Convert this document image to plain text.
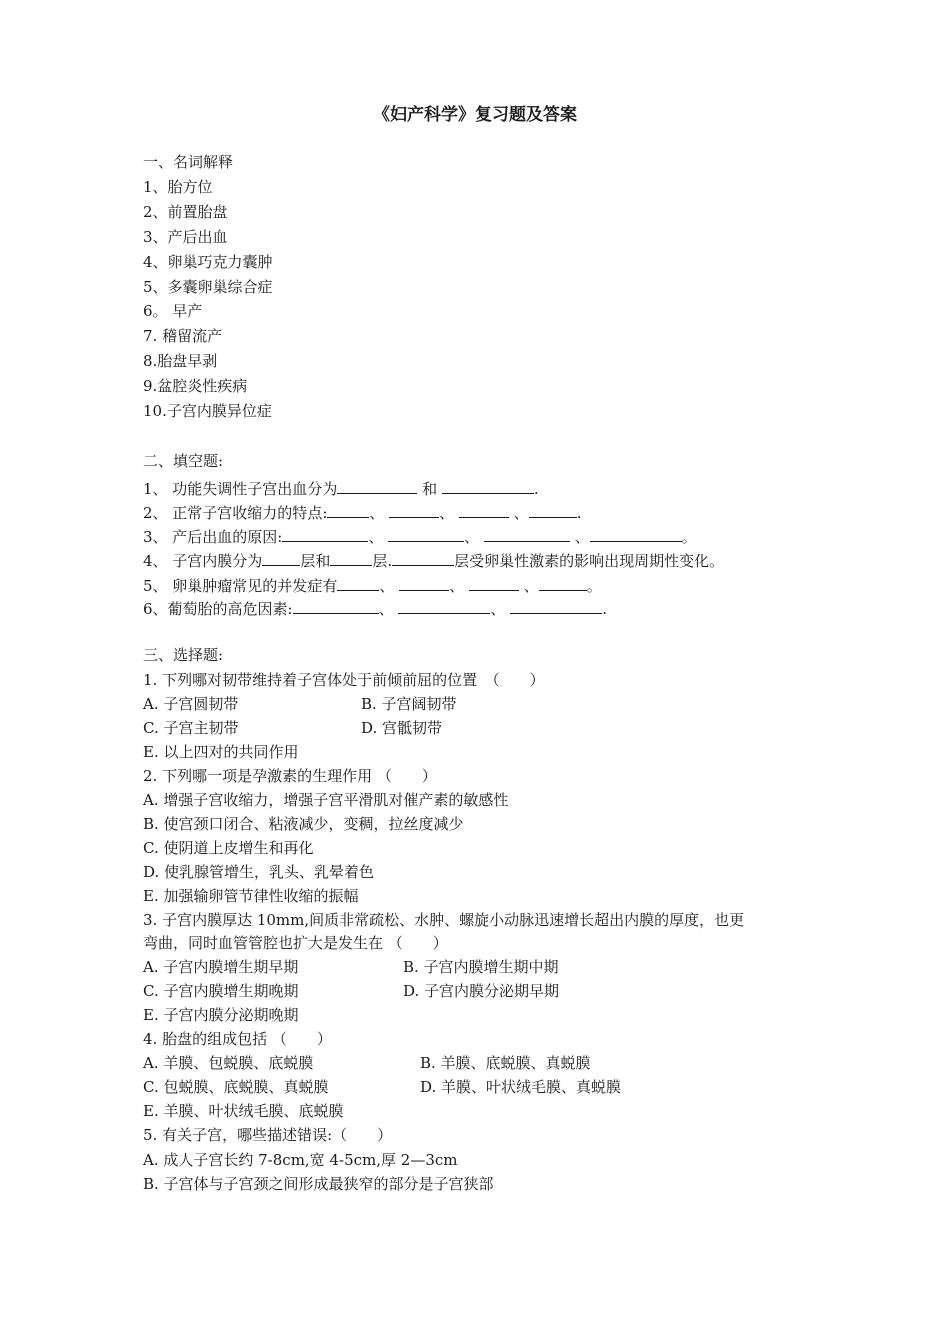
《妇产科学》复习题及答案

一、名词解释

1、胎方位

2、前置胎盘

3、产后出血

4、卵巢巧克力囊肿

5、多囊卵巢综合症

6。 早产

7. 稽留流产

8.胎盘早剥

9.盆腔炎性疾病

10.子宫内膜异位症

二、填空题:

1、 功能失调性子宫出血分为	和	.

2、 正常子宫收缩力的特点:	、	、	、	.

3、 产后出血的原因:	、	、	、	。

4、 子宫内膜分为	层和	层.	层受卵巢性激素的影响出现周期性变化。

5、 卵巢肿瘤常见的并发症有	、	、	、	。

6、葡萄胎的高危因素:	、	、	.

三、选择题:

1. 下列哪对韧带维持着子宫体处于前倾前屈的位置　（　　）

A. 子宫圆韧带	B. 子宫阔韧带

C. 子宫主韧带	D. 宫骶韧带

E. 以上四对的共同作用

2. 下列哪一项是孕激素的生理作用 （　　）

A. 增强子宫收缩力，增强子宫平滑肌对催产素的敏感性

B. 使宫颈口闭合、粘液减少，变稠，拉丝度减少

C. 使阴道上皮增生和再化

D. 使乳腺管增生，乳头、乳晕着色

E. 加强输卵管节律性收缩的振幅

3. 子宫内膜厚达 10mm,间质非常疏松、水肿、螺旋小动脉迅速增长超出内膜的厚度，也更

弯曲，同时血管管腔也扩大是发生在 （　　）

A. 子宫内膜增生期早期	B. 子宫内膜增生期中期

C. 子宫内膜增生期晚期	D. 子宫内膜分泌期早期

E. 子宫内膜分泌期晚期

4. 胎盘的组成包括 （　　）

A. 羊膜、包蜕膜、底蜕膜	B. 羊膜、底蜕膜、真蜕膜

C. 包蜕膜、底蜕膜、真蜕膜	D. 羊膜、叶状绒毛膜、真蜕膜

E. 羊膜、叶状绒毛膜、底蜕膜

5. 有关子宫，哪些描述错误:（　　）

A. 成人子宫长约 7-8cm,宽 4-5cm,厚 2—3cm

B. 子宫体与子宫颈之间形成最狭窄的部分是子宫狭部
